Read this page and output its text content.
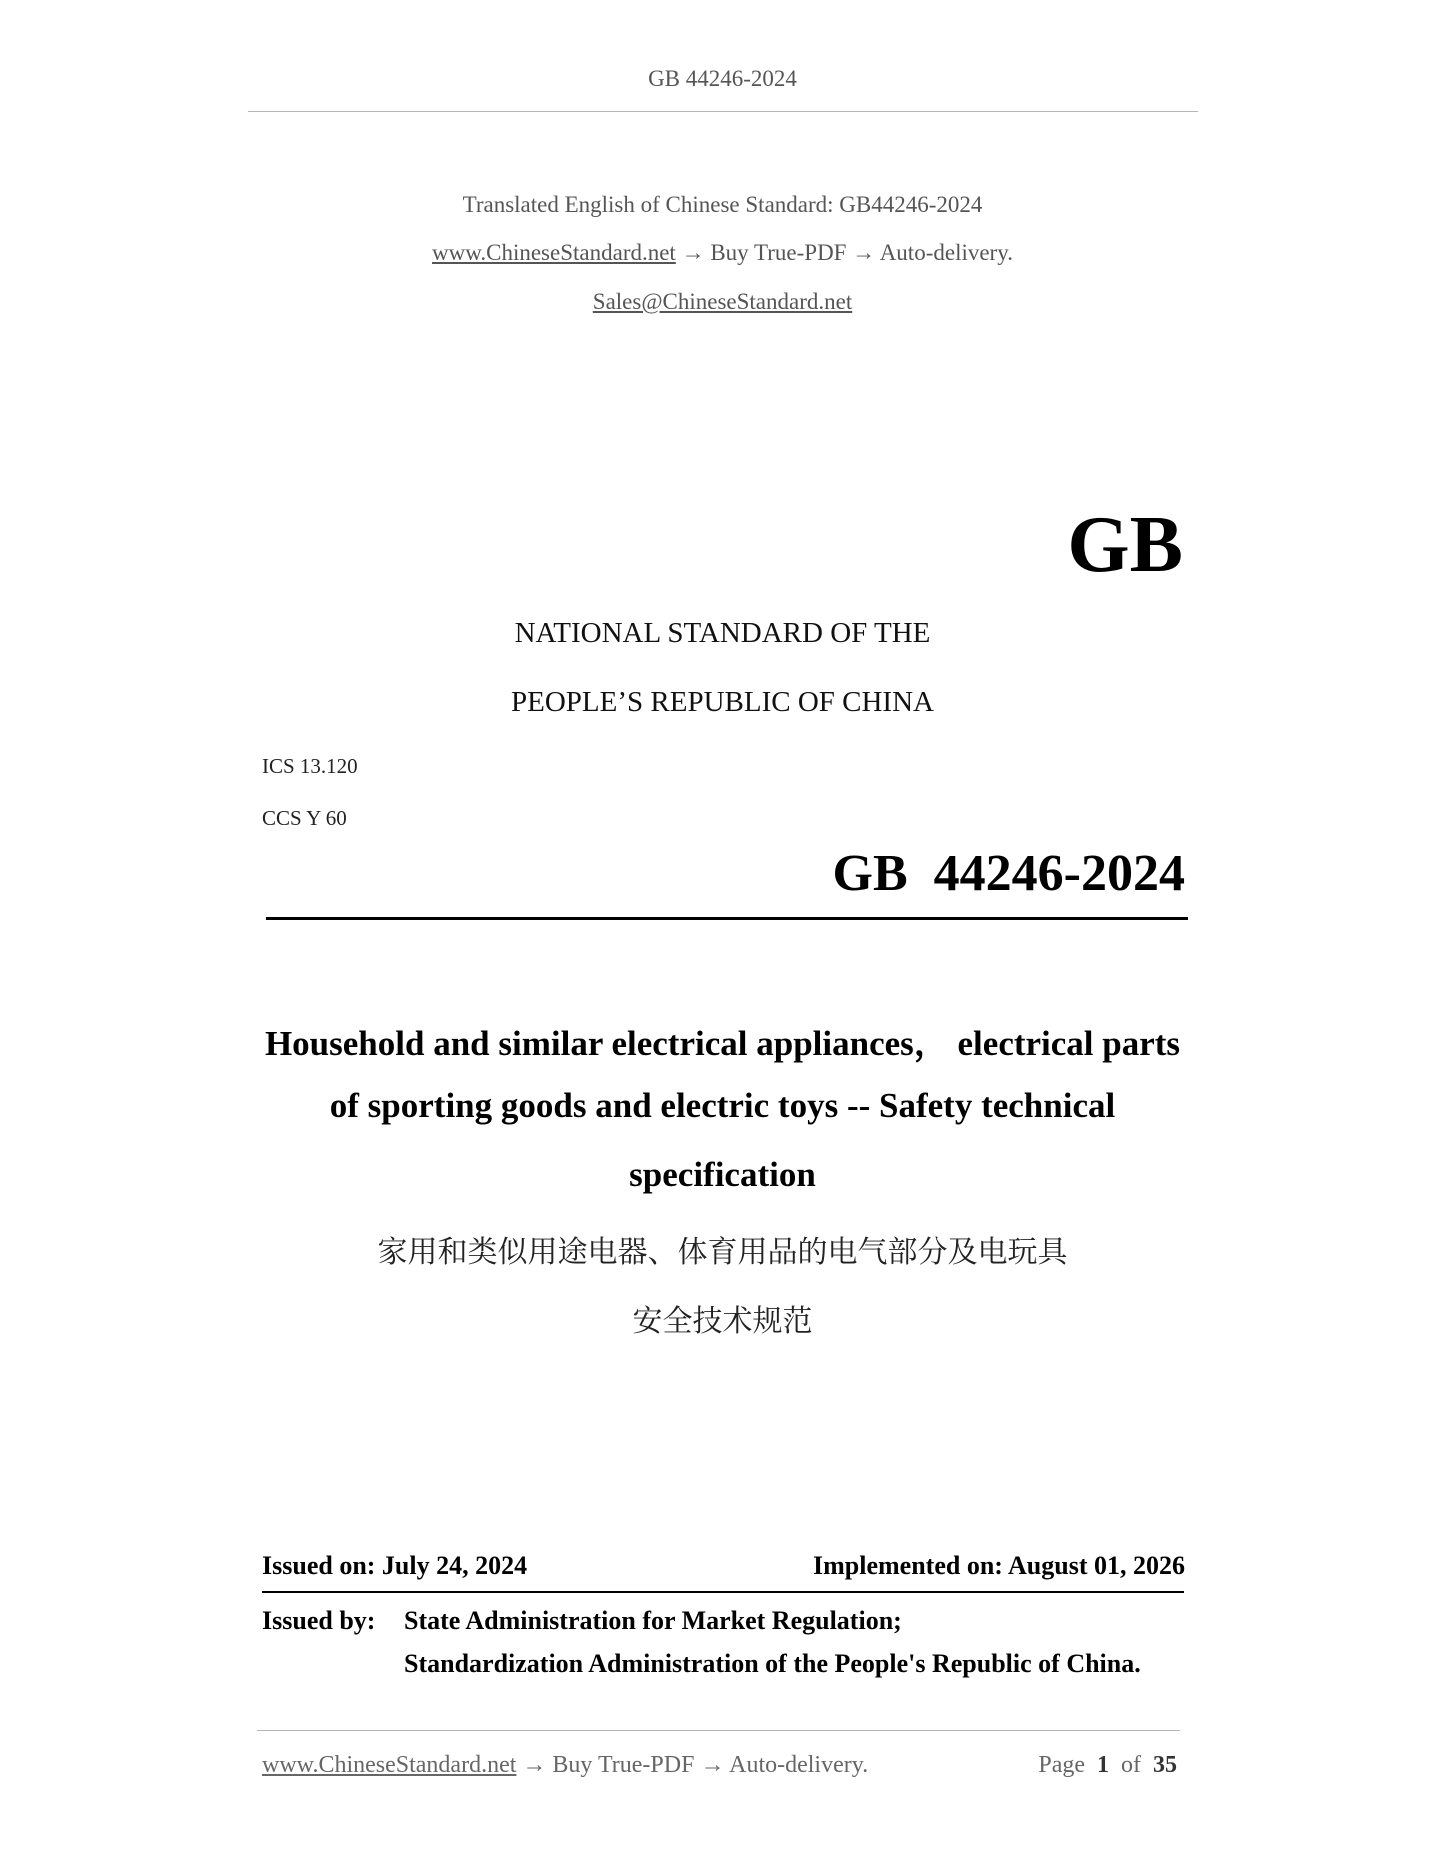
GB 44246-2024
Translated English of Chinese Standard: GB44246-2024
www.ChineseStandard.net → Buy True-PDF → Auto-delivery.
Sales@ChineseStandard.net
GB
NATIONAL STANDARD OF THE
PEOPLE’S REPUBLIC OF CHINA
ICS 13.120
CCS Y 60
GB  44246-2024
Household and similar electrical appliances， electrical parts
of sporting goods and electric toys -- Safety technical
specification
家用和类似用途电器、体育用品的电气部分及电玩具
安全技术规范
Issued on: July 24, 2024	Implemented on: August 01, 2026
Issued by: State Administration for Market Regulation;
Standardization Administration of the People's Republic of China.
www.ChineseStandard.net → Buy True-PDF → Auto-delivery.	Page 1 of 35
